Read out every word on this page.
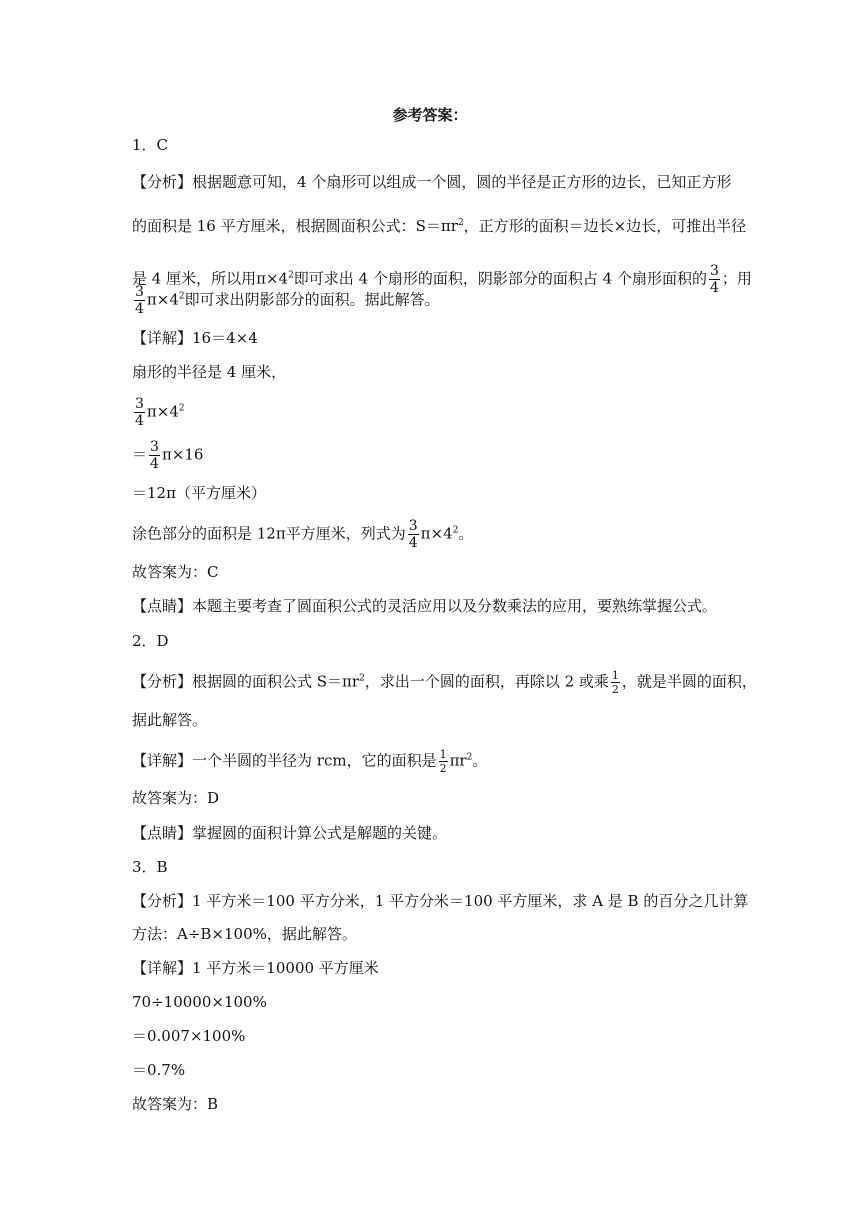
参考答案：
1．C
【分析】根据题意可知，4 个扇形可以组成一个圆，圆的半径是正方形的边长，已知正方形
的面积是 16 平方厘米，根据圆面积公式：$S=\pi r^2$，正方形的面积＝边长×边长，可推出半径
是 4 厘米，所以用$\pi\times 4^2$即可求出 4 个扇形的面积，阴影部分的面积占 4 个扇形面积的 $\frac{3}{4}$ ；用
$\frac{3}{4} \pi\times 4^2$即可求出阴影部分的面积。据此解答。
【详解】16＝4×4
扇形的半径是 4 厘米，
$\frac{3}{4} \pi\times 4^2$
＝ $\frac{3}{4} \pi\times 16$
＝12π（平方厘米）
涂色部分的面积是 12π平方厘米，列式为 $\frac{3}{4} \pi\times 4^2$。
故答案为：C
【点睛】本题主要考查了圆面积公式的灵活应用以及分数乘法的应用，要熟练掌握公式。
2．D
【分析】根据圆的面积公式 $S=\pi r^2$，求出一个圆的面积，再除以 2 或乘 $\frac{1}{2}$ ，就是半圆的面积，
据此解答。
【详解】一个半圆的半径为 rcm，它的面积是 $\frac{1}{2} \pi r^2$。
故答案为：D
【点睛】掌握圆的面积计算公式是解题的关键。
3．B
【分析】1 平方米＝100 平方分米，1 平方分米＝100 平方厘米，求 A 是 B 的百分之几计算
方法：A÷B×100%，据此解答。
【详解】1 平方米＝10000 平方厘米
70÷10000×100%
＝0.007×100%
＝0.7%
故答案为：B
